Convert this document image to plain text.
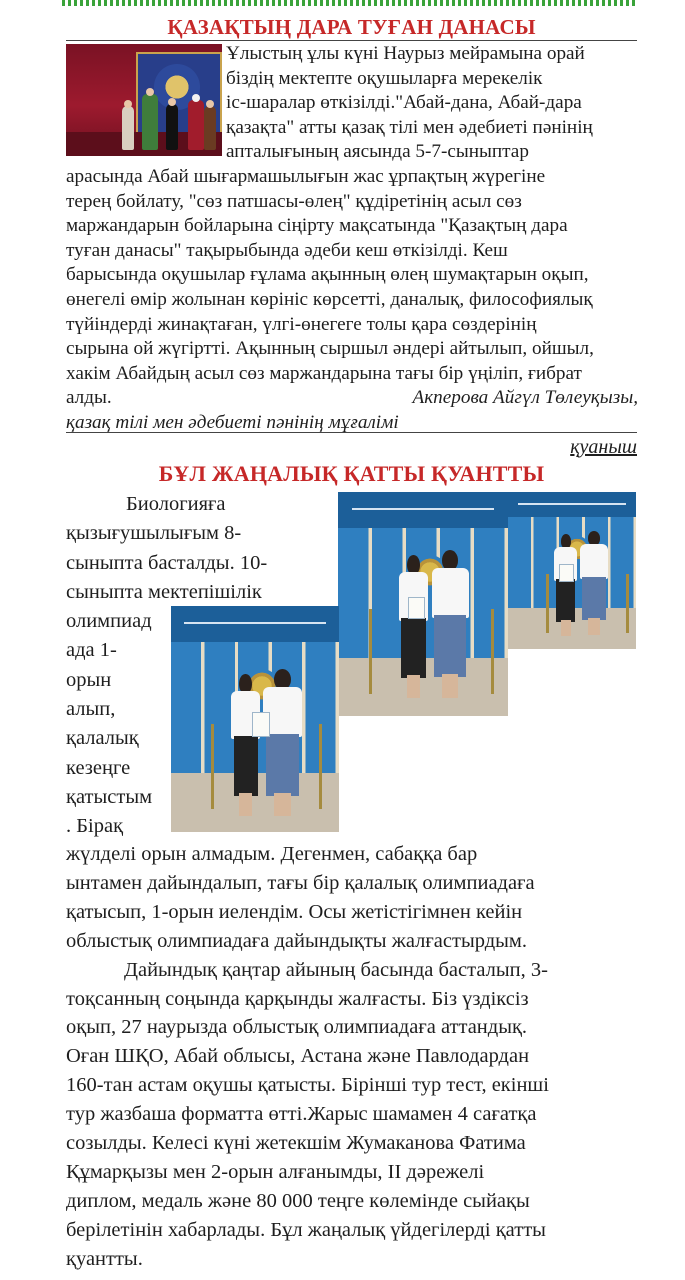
ҚАЗАҚТЫҢ ДАРА ТУҒАН ДАНАСЫ
Ұлыстың ұлы күні Наурыз мейрамына орай
біздің мектепте оқушыларға мерекелік
іс-шаралар өткізілді."Абай-дана, Абай-дара
қазақта" атты қазақ тілі мен әдебиеті пәнінің
апталығының аясында 5-7-сыныптар
арасында Абай шығармашылығын жас ұрпақтың жүрегіне
терең бойлату, "сөз патшасы-өлең" құдіретінің асыл сөз
маржандарын бойларына сіңірту мақсатында "Қазақтың дара
туған данасы" тақырыбында әдеби кеш өткізілді. Кеш
барысында оқушылар ғұлама ақынның өлең шумақтарын оқып,
өнегелі өмір жолынан көрініс көрсетті, даналық, философиялық
түйіндерді жинақтаған, үлгі-өнегеге толы қара сөздерінің
сырына ой жүгіртті. Ақынның сыршыл әндері айтылып, ойшыл,
хакім Абайдың асыл сөз маржандарына тағы бір үңіліп, ғибрат
алды.	Акперова Айгүл Төлеуқызы,
қазақ тілі мен әдебиеті пәнінің мұғалімі
қуаныш
БҰЛ ЖАҢАЛЫҚ ҚАТТЫ ҚУАНТТЫ
Биологияға
қызығушылығым 8-
сыныпта басталды. 10-
сыныпта мектепішілік
олимпиад
ада 1-
орын
алып,
қалалық
кезеңге
қатыстым
. Бірақ

жүлделі орын алмадым. Дегенмен, сабаққа бар
ынтамен дайындалып, тағы бір қалалық олимпиадаға
қатысып, 1-орын иелендім. Осы жетістігімнен кейін
облыстық олимпиадаға дайындықты жалғастырдым.

Дайындық қаңтар айының басында басталып, 3-
тоқсанның соңында қарқынды жалғасты. Біз үздіксіз
оқып, 27 наурызда облыстық олимпиадаға аттандық.
Оған ШҚО, Абай облысы, Астана және Павлодардан
160-тан астам оқушы қатысты. Бірінші тур тест, екінші
тур жазбаша форматта өтті.Жарыс шамамен 4 сағатқа
созылды. Келесі күні жетекшім Жумаканова Фатима
Құмарқызы мен 2-орын алғанымды, II дәрежелі
диплом, медаль және 80 000 теңге көлемінде сыйақы
берілетінін хабарлады. Бұл жаңалық үйдегілерді қатты
қуантты.
